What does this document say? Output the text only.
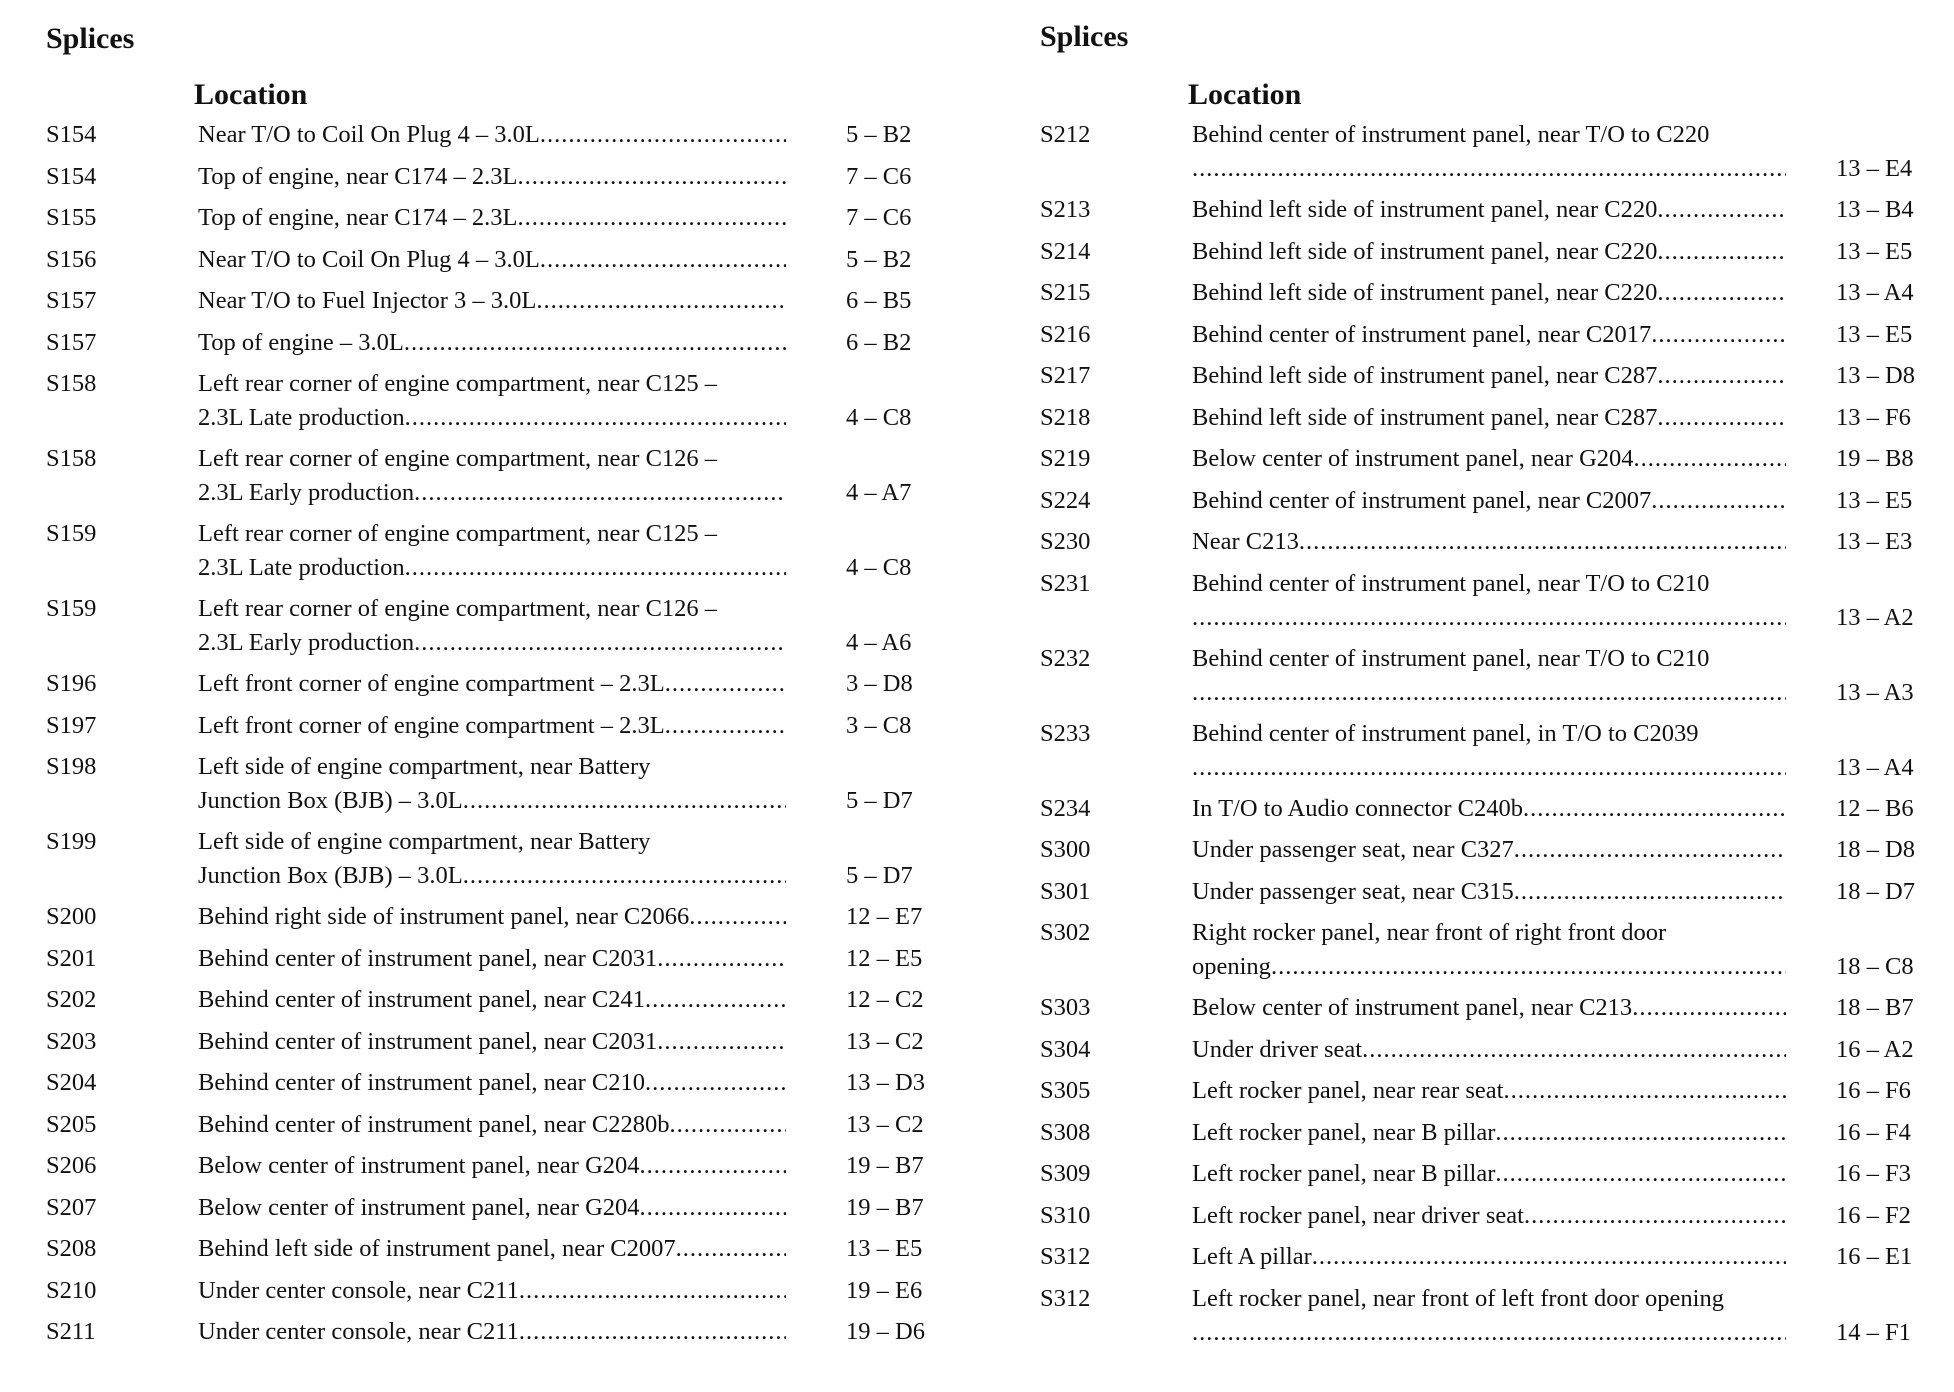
Splices
Location
S154	Near T/O to Coil On Plug 4 – 3.0L .....	5 – B2
S154	Top of engine, near C174 – 2.3L .....	7 – C6
S155	Top of engine, near C174 – 2.3L .....	7 – C6
S156	Near T/O to Coil On Plug 4 – 3.0L .....	5 – B2
S157	Near T/O to Fuel Injector 3 – 3.0L .....	6 – B5
S157	Top of engine – 3.0L .....	6 – B2
S158	Left rear corner of engine compartment, near C125 –
2.3L Late production .....	4 – C8
S158	Left rear corner of engine compartment, near C126 –
2.3L Early production .....	4 – A7
S159	Left rear corner of engine compartment, near C125 –
2.3L Late production .....	4 – C8
S159	Left rear corner of engine compartment, near C126 –
2.3L Early production .....	4 – A6
S196	Left front corner of engine compartment – 2.3L .....	3 – D8
S197	Left front corner of engine compartment – 2.3L .....	3 – C8
S198	Left side of engine compartment, near Battery
Junction Box (BJB) – 3.0L .....	5 – D7
S199	Left side of engine compartment, near Battery
Junction Box (BJB) – 3.0L .....	5 – D7
S200	Behind right side of instrument panel, near C2066 .....	12 – E7
S201	Behind center of instrument panel, near C2031 .....	12 – E5
S202	Behind center of instrument panel, near C241 .....	12 – C2
S203	Behind center of instrument panel, near C2031 .....	13 – C2
S204	Behind center of instrument panel, near C210 .....	13 – D3
S205	Behind center of instrument panel, near C2280b .....	13 – C2
S206	Below center of instrument panel, near G204 .....	19 – B7
S207	Below center of instrument panel, near G204 .....	19 – B7
S208	Behind left side of instrument panel, near C2007 .....	13 – E5
S210	Under center console, near C211 .....	19 – E6
S211	Under center console, near C211 .....	19 – D6
Splices
Location
S212	Behind center of instrument panel, near T/O to C220
.....
13 – E4
S213	Behind left side of instrument panel, near C220 .....	13 – B4
S214	Behind left side of instrument panel, near C220 .....	13 – E5
S215	Behind left side of instrument panel, near C220 .....	13 – A4
S216	Behind center of instrument panel, near C2017 .....	13 – E5
S217	Behind left side of instrument panel, near C287 .....	13 – D8
S218	Behind left side of instrument panel, near C287 .....	13 – F6
S219	Below center of instrument panel, near G204 .....	19 – B8
S224	Behind center of instrument panel, near C2007 .....	13 – E5
S230	Near C213 .....	13 – E3
S231	Behind center of instrument panel, near T/O to C210
.....
13 – A2
S232	Behind center of instrument panel, near T/O to C210
.....
13 – A3
S233	Behind center of instrument panel, in T/O to C2039
.....
13 – A4
S234	In T/O to Audio connector C240b .....	12 – B6
S300	Under passenger seat, near C327 .....	18 – D8
S301	Under passenger seat, near C315 .....	18 – D7
S302	Right rocker panel, near front of right front door
opening .....	18 – C8
S303	Below center of instrument panel, near C213 .....	18 – B7
S304	Under driver seat .....	16 – A2
S305	Left rocker panel, near rear seat .....	16 – F6
S308	Left rocker panel, near B pillar .....	16 – F4
S309	Left rocker panel, near B pillar .....	16 – F3
S310	Left rocker panel, near driver seat .....	16 – F2
S312	Left A pillar .....	16 – E1
S312	Left rocker panel, near front of left front door opening
.....
14 – F1
